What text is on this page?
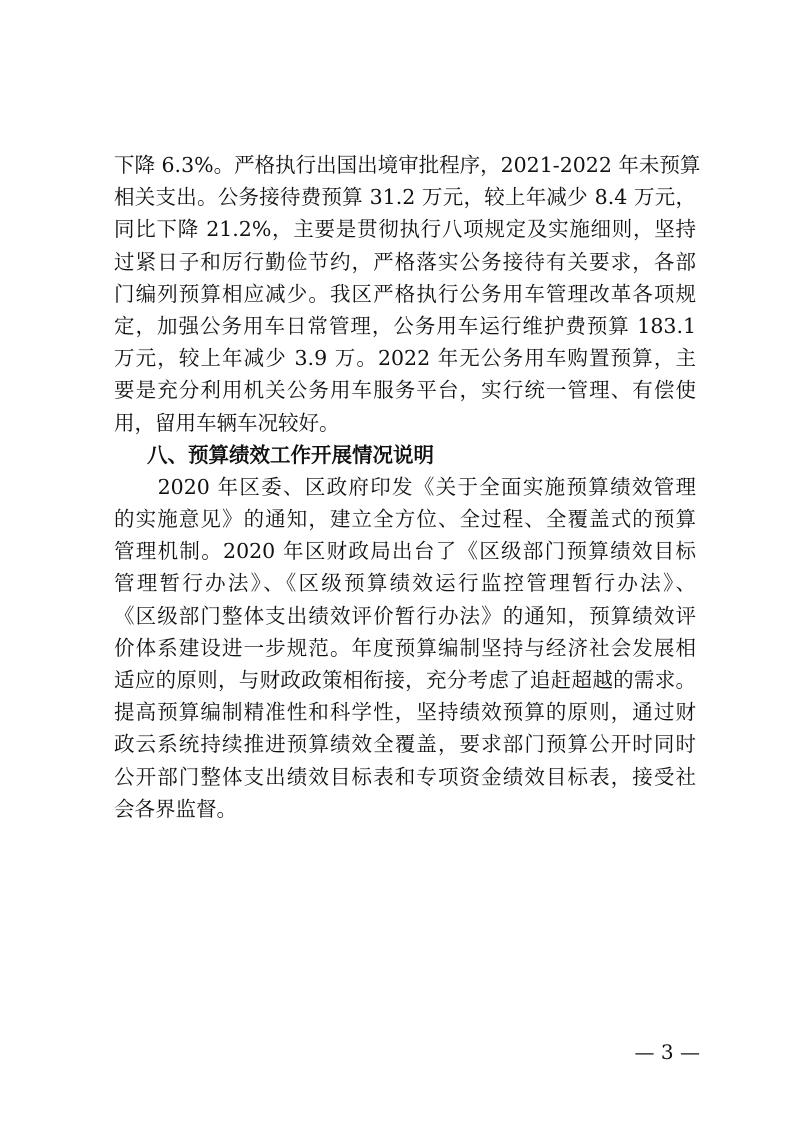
下降 6.3%。严格执行出国出境审批程序，2021-2022 年未预算
相关支出。公务接待费预算 31.2 万元，较上年减少 8.4 万元，
同比下降 21.2%，主要是贯彻执行八项规定及实施细则，坚持
过紧日子和厉行勤俭节约，严格落实公务接待有关要求，各部
门编列预算相应减少。我区严格执行公务用车管理改革各项规
定，加强公务用车日常管理，公务用车运行维护费预算 183.1
万元，较上年减少 3.9 万。2022 年无公务用车购置预算，主
要是充分利用机关公务用车服务平台，实行统一管理、有偿使
用，留用车辆车况较好。
八、预算绩效工作开展情况说明
　　2020 年区委、区政府印发《关于全面实施预算绩效管理
的实施意见》的通知，建立全方位、全过程、全覆盖式的预算
管理机制。2020 年区财政局出台了《区级部门预算绩效目标
管理暂行办法》、《区级预算绩效运行监控管理暂行办法》、
《区级部门整体支出绩效评价暂行办法》的通知，预算绩效评
价体系建设进一步规范。年度预算编制坚持与经济社会发展相
适应的原则，与财政政策相衔接，充分考虑了追赶超越的需求。
提高预算编制精准性和科学性，坚持绩效预算的原则，通过财
政云系统持续推进预算绩效全覆盖，要求部门预算公开时同时
公开部门整体支出绩效目标表和专项资金绩效目标表，接受社
会各界监督。
— 3 —
